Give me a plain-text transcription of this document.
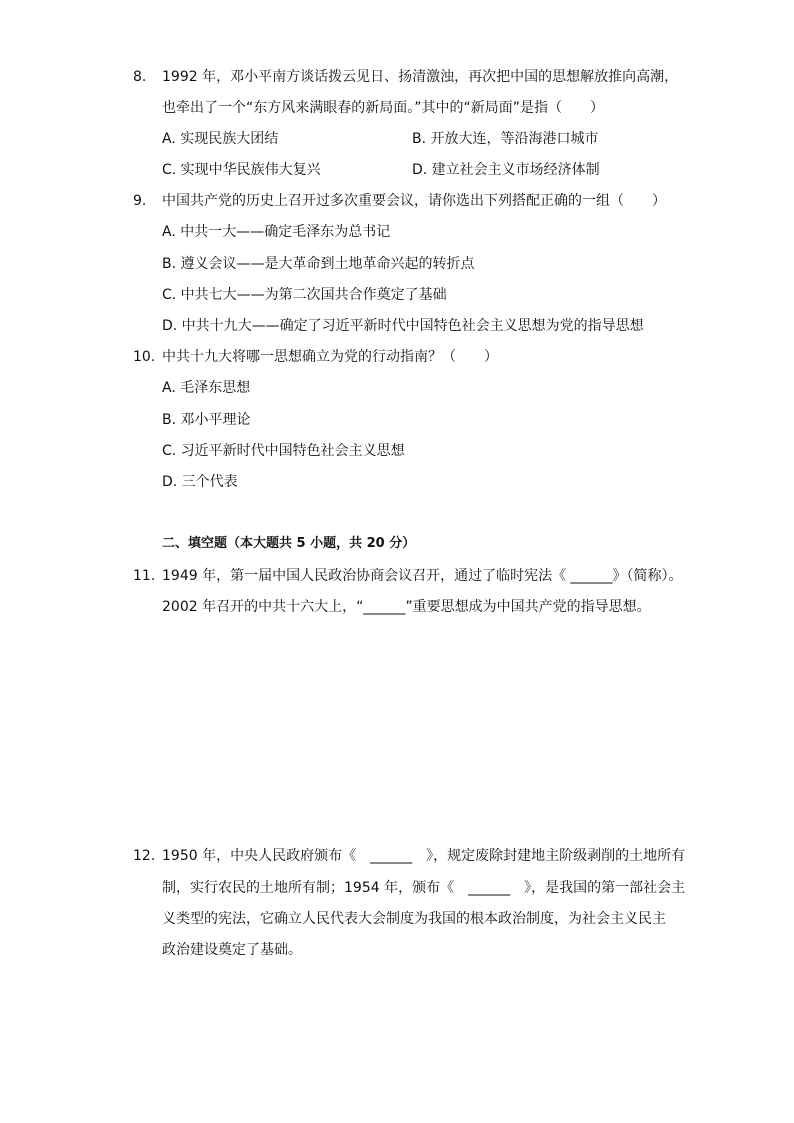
8. 1992 年，邓小平南方谈话拨云见日、扬清激浊，再次把中国的思想解放推向高潮，
也牵出了一个“东方风来满眼春的新局面。”其中的“新局面”是指（　　）
A. 实现民族大团结	B. 开放大连，等沿海港口城市
C. 实现中华民族伟大复兴	D. 建立社会主义市场经济体制
9. 中国共产党的历史上召开过多次重要会议，请你选出下列搭配正确的一组（　　）
A. 中共一大——确定毛泽东为总书记
B. 遵义会议——是大革命到土地革命兴起的转折点
C. 中共七大——为第二次国共合作奠定了基础
D. 中共十九大——确定了习近平新时代中国特色社会主义思想为党的指导思想
10. 中共十九大将哪一思想确立为党的行动指南？（　　）
A. 毛泽东思想
B. 邓小平理论
C. 习近平新时代中国特色社会主义思想
D. 三个代表
二、填空题（本大题共 5 小题，共 20 分）
11. 1949 年，第一届中国人民政治协商会议召开，通过了临时宪法《 ______》（简称）。
2002 年召开的中共十六大上，“______”重要思想成为中国共产党的指导思想。
12. 1950 年，中央人民政府颁布《　______　》，规定废除封建地主阶级剥削的土地所有
制，实行农民的土地所有制；1954 年，颁布《　______　》，是我国的第一部社会主
义类型的宪法，它确立人民代表大会制度为我国的根本政治制度，为社会主义民主
政治建设奠定了基础。
